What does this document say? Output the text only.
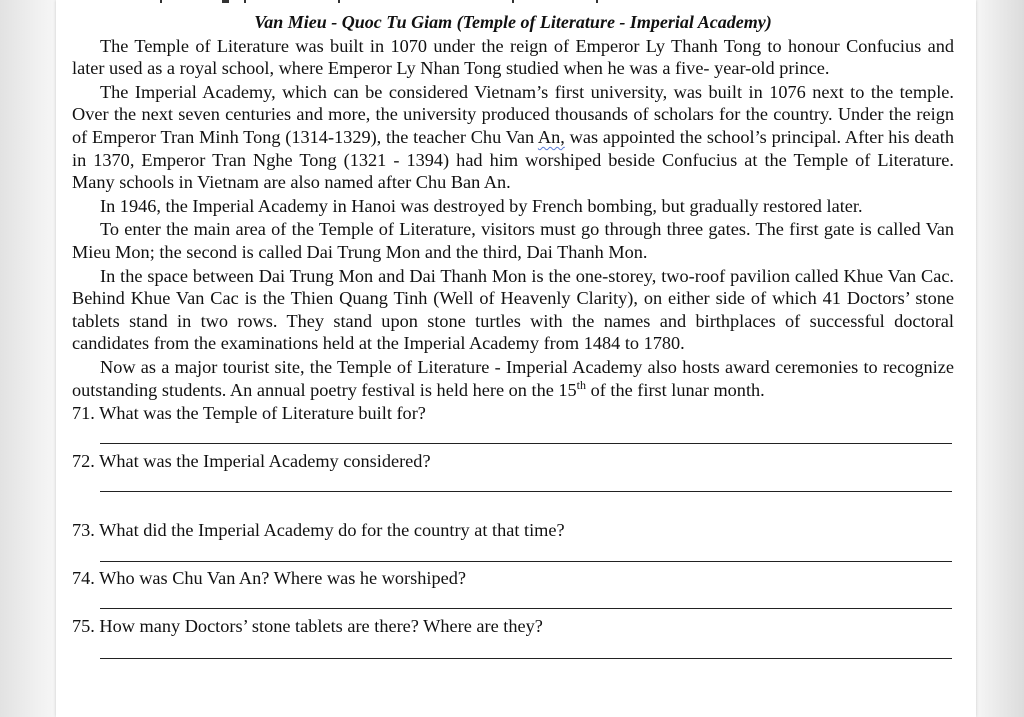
Van Mieu - Quoc Tu Giam (Temple of Literature - Imperial Academy)

The Temple of Literature was built in 1070 under the reign of Emperor Ly Thanh Tong to honour Confucius and later used as a royal school, where Emperor Ly Nhan Tong studied when he was a five- year-old prince.

The Imperial Academy, which can be considered Vietnam’s first university, was built in 1076 next to the temple. Over the next seven centuries and more, the university produced thousands of scholars for the country. Under the reign of Emperor Tran Minh Tong (1314-1329), the teacher Chu Van An, was appointed the school’s principal. After his death in 1370, Emperor Tran Nghe Tong (1321 - 1394) had him worshiped beside Confucius at the Temple of Literature. Many schools in Vietnam are also named after Chu Ban An.

In 1946, the Imperial Academy in Hanoi was destroyed by French bombing, but gradually restored later.

To enter the main area of the Temple of Literature, visitors must go through three gates. The first gate is called Van Mieu Mon; the second is called Dai Trung Mon and the third, Dai Thanh Mon.

In the space between Dai Trung Mon and Dai Thanh Mon is the one-storey, two-roof pavilion called Khue Van Cac. Behind Khue Van Cac is the Thien Quang Tinh (Well of Heavenly Clarity), on either side of which 41 Doctors’ stone tablets stand in two rows. They stand upon stone turtles with the names and birthplaces of successful doctoral candidates from the examinations held at the Imperial Academy from 1484 to 1780.

Now as a major tourist site, the Temple of Literature - Imperial Academy also hosts award ceremonies to recognize outstanding students. An annual poetry festival is held here on the 15th of the first lunar month.

71. What was the Temple of Literature built for?

72. What was the Imperial Academy considered?

73. What did the Imperial Academy do for the country at that time?

74. Who was Chu Van An? Where was he worshiped?

75. How many Doctors’ stone tablets are there? Where are they?
